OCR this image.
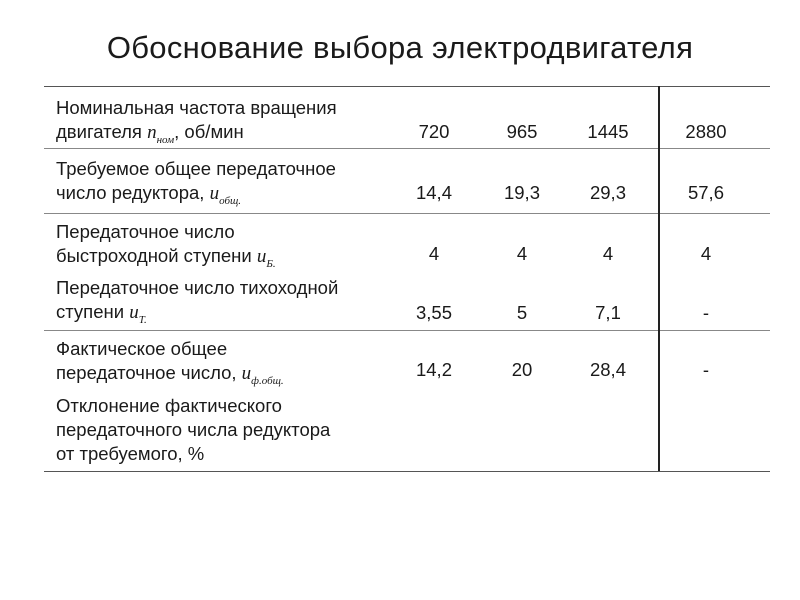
Обоснование выбора электродвигателя
Номинальная частота вращения
двигателя $n_{ном}$, об/мин	720	965	1445	2880
Требуемое общее передаточное
число редуктора, $u_{общ.}$	14,4	19,3	29,3	57,6
Передаточное число
быстроходной ступени $u_{Б.}$	4	4	4	4
Передаточное число тихоходной
ступени $u_{T.}$	3,55	5	7,1	-
Фактическое общее
передаточное число, $u_{ф.общ.}$
14,2	20	28,4	-
Отклонение фактического
передаточного числа редуктора
от требуемого, %
